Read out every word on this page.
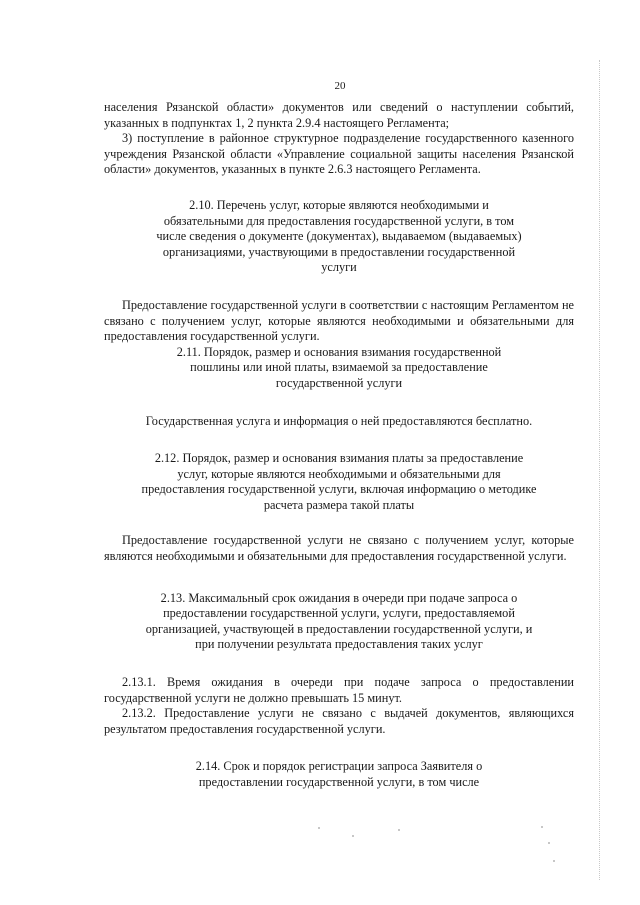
20

населения Рязанской области» документов или сведений о наступлении событий, указанных в подпунктах 1, 2 пункта 2.9.4 настоящего Регламента;

3) поступление в районное структурное подразделение государственного казенного учреждения Рязанской области «Управление социальной защиты населения Рязанской области» документов, указанных в пункте 2.6.3 настоящего Регламента.

2.10. Перечень услуг, которые являются необходимыми и обязательными для предоставления государственной услуги, в том числе сведения о документе (документах), выдаваемом (выдаваемых) организациями, участвующими в предоставлении государственной услуги

Предоставление государственной услуги в соответствии с настоящим Регламентом не связано с получением услуг, которые являются необходимыми и обязательными для предоставления государственной услуги.

2.11. Порядок, размер и основания взимания государственной пошлины или иной платы, взимаемой за предоставление государственной услуги

Государственная услуга и информация о ней предоставляются бесплатно.

2.12. Порядок, размер и основания взимания платы за предоставление услуг, которые являются необходимыми и обязательными для предоставления государственной услуги, включая информацию о методике расчета размера такой платы

Предоставление государственной услуги не связано с получением услуг, которые являются необходимыми и обязательными для предоставления государственной услуги.

2.13. Максимальный срок ожидания в очереди при подаче запроса о предоставлении государственной услуги, услуги, предоставляемой организацией, участвующей в предоставлении государственной услуги, и при получении результата предоставления таких услуг

2.13.1. Время ожидания в очереди при подаче запроса о предоставлении государственной услуги не должно превышать 15 минут.

2.13.2. Предоставление услуги не связано с выдачей документов, являющихся результатом предоставления государственной услуги.

2.14. Срок и порядок регистрации запроса Заявителя о предоставлении государственной услуги, в том числе
